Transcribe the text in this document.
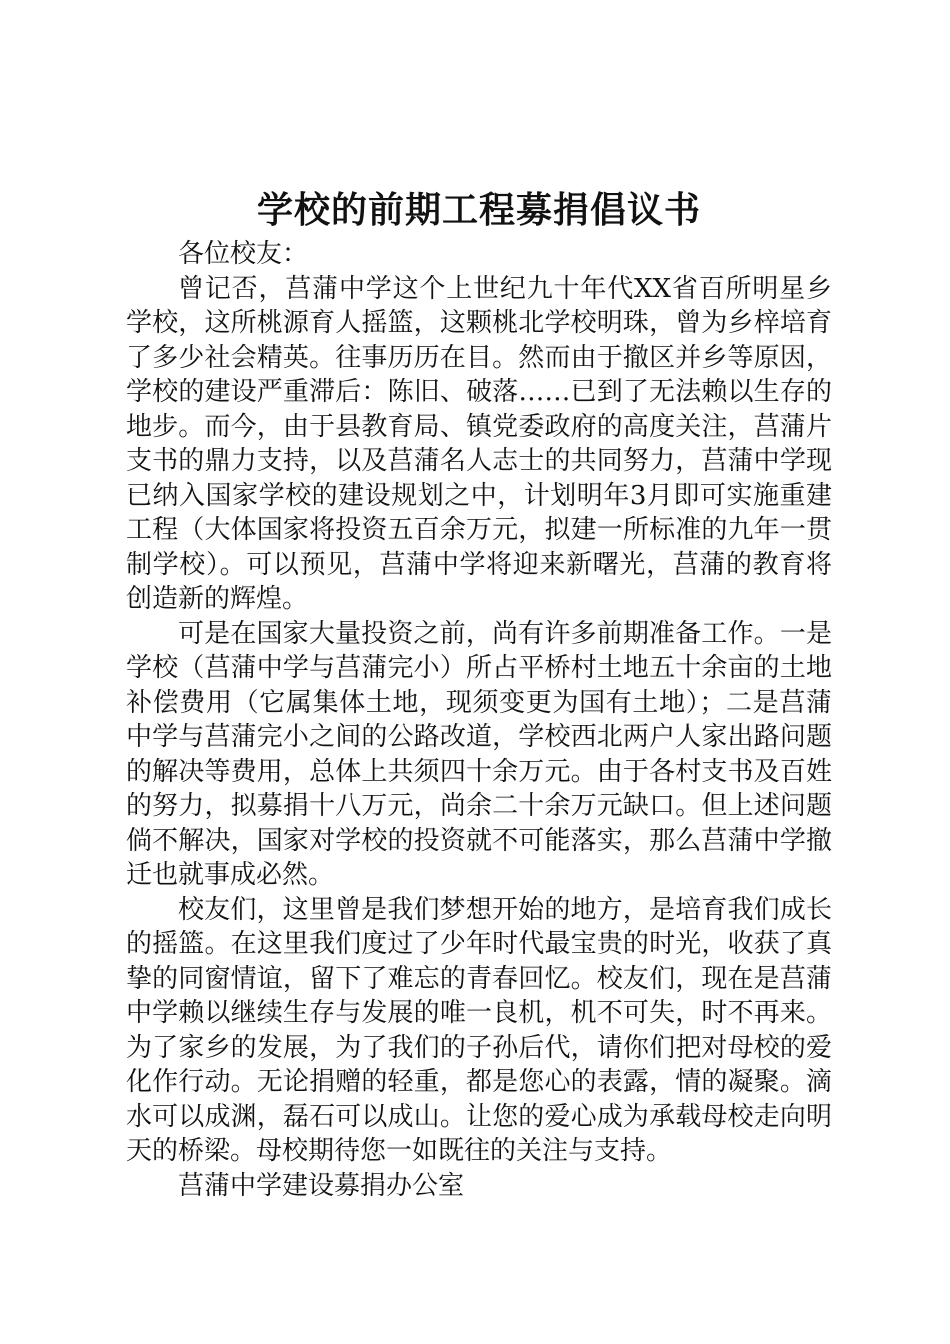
学校的前期工程募捐倡议书

各位校友：

曾记否，莒蒲中学这个上世纪九十年代XX省百所明星乡学校，这所桃源育人摇篮，这颗桃北学校明珠，曾为乡梓培育了多少社会精英。往事历历在目。然而由于撤区并乡等原因，学校的建设严重滞后：陈旧、破落……已到了无法赖以生存的地步。而今，由于县教育局、镇党委政府的高度关注，莒蒲片支书的鼎力支持，以及莒蒲名人志士的共同努力，莒蒲中学现已纳入国家学校的建设规划之中，计划明年3月即可实施重建工程（大体国家将投资五百余万元，拟建一所标准的九年一贯制学校）。可以预见，莒蒲中学将迎来新曙光，莒蒲的教育将创造新的辉煌。

可是在国家大量投资之前，尚有许多前期准备工作。一是学校（莒蒲中学与莒蒲完小）所占平桥村土地五十余亩的土地补偿费用（它属集体土地，现须变更为国有土地）；二是莒蒲中学与莒蒲完小之间的公路改道，学校西北两户人家出路问题的解决等费用，总体上共须四十余万元。由于各村支书及百姓的努力，拟募捐十八万元，尚余二十余万元缺口。但上述问题倘不解决，国家对学校的投资就不可能落实，那么莒蒲中学撤迁也就事成必然。

校友们，这里曾是我们梦想开始的地方，是培育我们成长的摇篮。在这里我们度过了少年时代最宝贵的时光，收获了真挚的同窗情谊，留下了难忘的青春回忆。校友们，现在是莒蒲中学赖以继续生存与发展的唯一良机，机不可失，时不再来。为了家乡的发展，为了我们的子孙后代，请你们把对母校的爱化作行动。无论捐赠的轻重，都是您心的表露，情的凝聚。滴水可以成渊，磊石可以成山。让您的爱心成为承载母校走向明天的桥梁。母校期待您一如既往的关注与支持。

莒蒲中学建设募捐办公室
